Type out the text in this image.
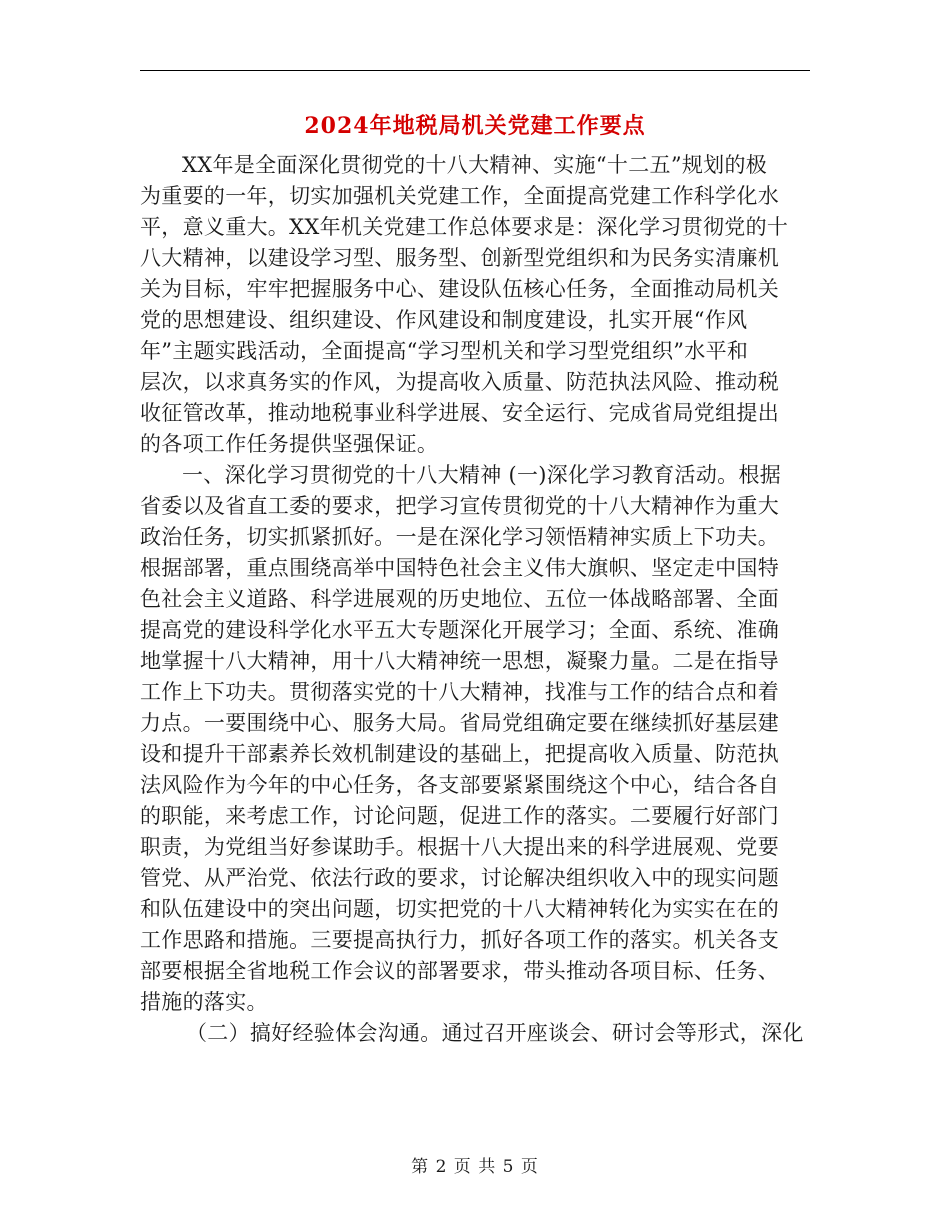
2024年地税局机关党建工作要点
XX年是全面深化贯彻党的十八大精神、实施“十二五”规划的极
为重要的一年，切实加强机关党建工作，全面提高党建工作科学化水
平，意义重大。XX年机关党建工作总体要求是：深化学习贯彻党的十
八大精神，以建设学习型、服务型、创新型党组织和为民务实清廉机
关为目标，牢牢把握服务中心、建设队伍核心任务，全面推动局机关
党的思想建设、组织建设、作风建设和制度建设，扎实开展“作风
年”主题实践活动，全面提高“学习型机关和学习型党组织”水平和
层次，以求真务实的作风，为提高收入质量、防范执法风险、推动税
收征管改革，推动地税事业科学进展、安全运行、完成省局党组提出
的各项工作任务提供坚强保证。
一、深化学习贯彻党的十八大精神 (一)深化学习教育活动。根据
省委以及省直工委的要求，把学习宣传贯彻党的十八大精神作为重大
政治任务，切实抓紧抓好。一是在深化学习领悟精神实质上下功夫。
根据部署，重点围绕高举中国特色社会主义伟大旗帜、坚定走中国特
色社会主义道路、科学进展观的历史地位、五位一体战略部署、全面
提高党的建设科学化水平五大专题深化开展学习；全面、系统、准确
地掌握十八大精神，用十八大精神统一思想，凝聚力量。二是在指导
工作上下功夫。贯彻落实党的十八大精神，找准与工作的结合点和着
力点。一要围绕中心、服务大局。省局党组确定要在继续抓好基层建
设和提升干部素养长效机制建设的基础上，把提高收入质量、防范执
法风险作为今年的中心任务，各支部要紧紧围绕这个中心，结合各自
的职能，来考虑工作，讨论问题，促进工作的落实。二要履行好部门
职责，为党组当好参谋助手。根据十八大提出来的科学进展观、党要
管党、从严治党、依法行政的要求，讨论解决组织收入中的现实问题
和队伍建设中的突出问题，切实把党的十八大精神转化为实实在在的
工作思路和措施。三要提高执行力，抓好各项工作的落实。机关各支
部要根据全省地税工作会议的部署要求，带头推动各项目标、任务、
措施的落实。
（二）搞好经验体会沟通。通过召开座谈会、研讨会等形式，深化
第 2 页 共 5 页
